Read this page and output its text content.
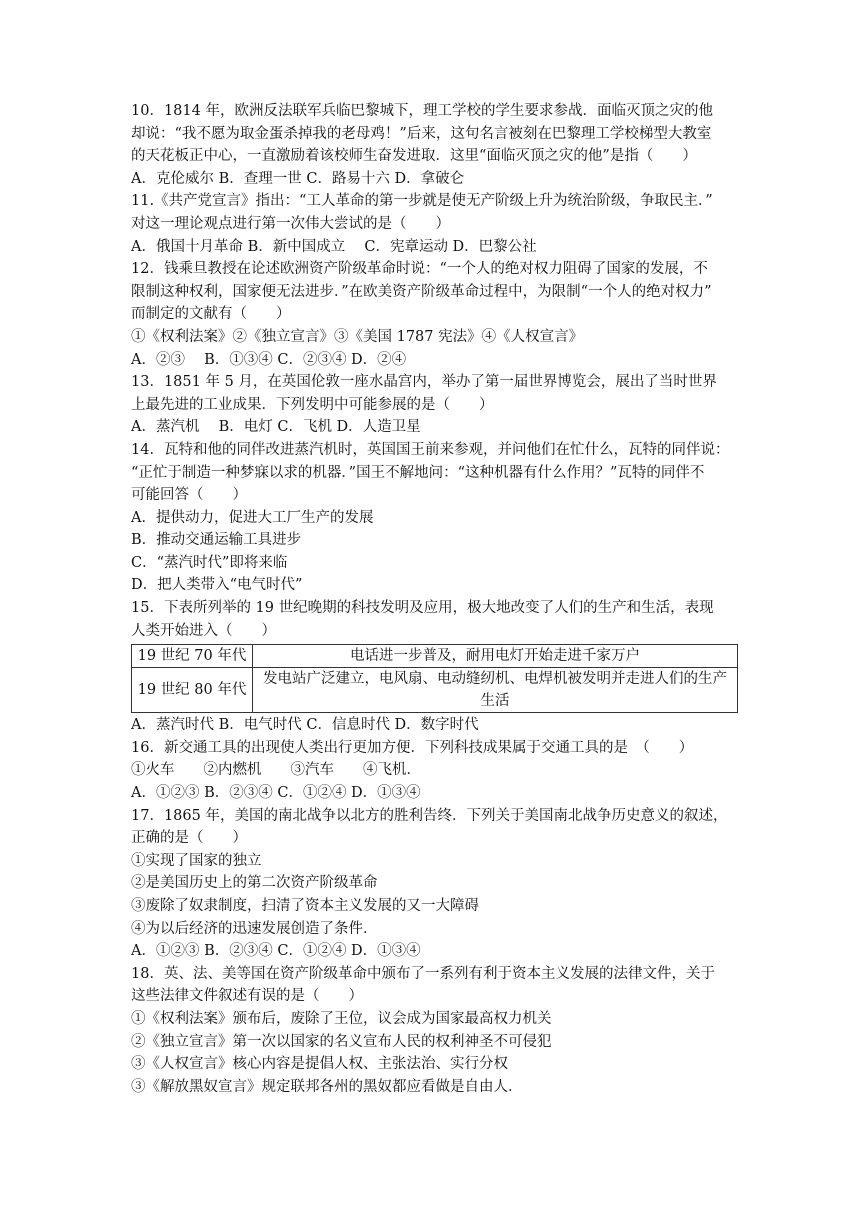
10．1814 年，欧洲反法联军兵临巴黎城下，理工学校的学生要求参战．面临灭顶之灾的他
却说：“我不愿为取金蛋杀掉我的老母鸡！”后来，这句名言被刻在巴黎理工学校梯型大教室
的天花板正中心，一直激励着该校师生奋发进取．这里“面临灭顶之灾的他”是指（　　）
A．克伦威尔 B．查理一世 C．路易十六 D．拿破仑
11.《共产党宣言》指出：“工人革命的第一步就是使无产阶级上升为统治阶级，争取民主．”
对这一理论观点进行第一次伟大尝试的是（　　）
A．俄国十月革命 B．新中国成立　 C．宪章运动 D．巴黎公社
12．钱乘旦教授在论述欧洲资产阶级革命时说：“一个人的绝对权力阻碍了国家的发展，不
限制这种权利，国家便无法进步．”在欧美资产阶级革命过程中，为限制“一个人的绝对权力”
而制定的文献有（　　）
①《权利法案》②《独立宣言》③《美国 1787 宪法》④《人权宣言》
A．②③　 B．①③④ C．②③④ D．②④
13．1851 年 5 月，在英国伦敦一座水晶宫内，举办了第一届世界博览会，展出了当时世界
上最先进的工业成果．下列发明中可能参展的是（　　）
A．蒸汽机　 B．电灯 C．飞机 D．人造卫星
14．瓦特和他的同伴改进蒸汽机时，英国国王前来参观，并问他们在忙什么，瓦特的同伴说：
“正忙于制造一种梦寐以求的机器．”国王不解地问：“这种机器有什么作用？”瓦特的同伴不
可能回答（　　）
A．提供动力，促进大工厂生产的发展
B．推动交通运输工具进步
C．“蒸汽时代”即将来临
D．把人类带入“电气时代”
15．下表所列举的 19 世纪晚期的科技发明及应用，极大地改变了人们的生产和生活，表现
人类开始进入（　　）
19 世纪 70 年代	电话进一步普及，耐用电灯开始走进千家万户
19 世纪 80 年代	发电站广泛建立，电风扇、电动缝纫机、电焊机被发明并走进人们的生产生活
A．蒸汽时代 B．电气时代 C．信息时代 D．数字时代
16．新交通工具的出现使人类出行更加方便．下列科技成果属于交通工具的是　（　　）
①火车　　②内燃机　　③汽车　　④飞机．
A．①②③ B．②③④ C．①②④ D．①③④
17．1865 年，美国的南北战争以北方的胜利告终．下列关于美国南北战争历史意义的叙述，
正确的是（　　）
①实现了国家的独立
②是美国历史上的第二次资产阶级革命
③废除了奴隶制度，扫清了资本主义发展的又一大障碍
④为以后经济的迅速发展创造了条件．
A．①②③ B．②③④ C．①②④ D．①③④
18．英、法、美等国在资产阶级革命中颁布了一系列有利于资本主义发展的法律文件，关于
这些法律文件叙述有误的是（　　）
①《权利法案》颁布后，废除了王位，议会成为国家最高权力机关
②《独立宣言》第一次以国家的名义宣布人民的权利神圣不可侵犯
③《人权宣言》核心内容是提倡人权、主张法治、实行分权
③《解放黑奴宣言》规定联邦各州的黑奴都应看做是自由人．
